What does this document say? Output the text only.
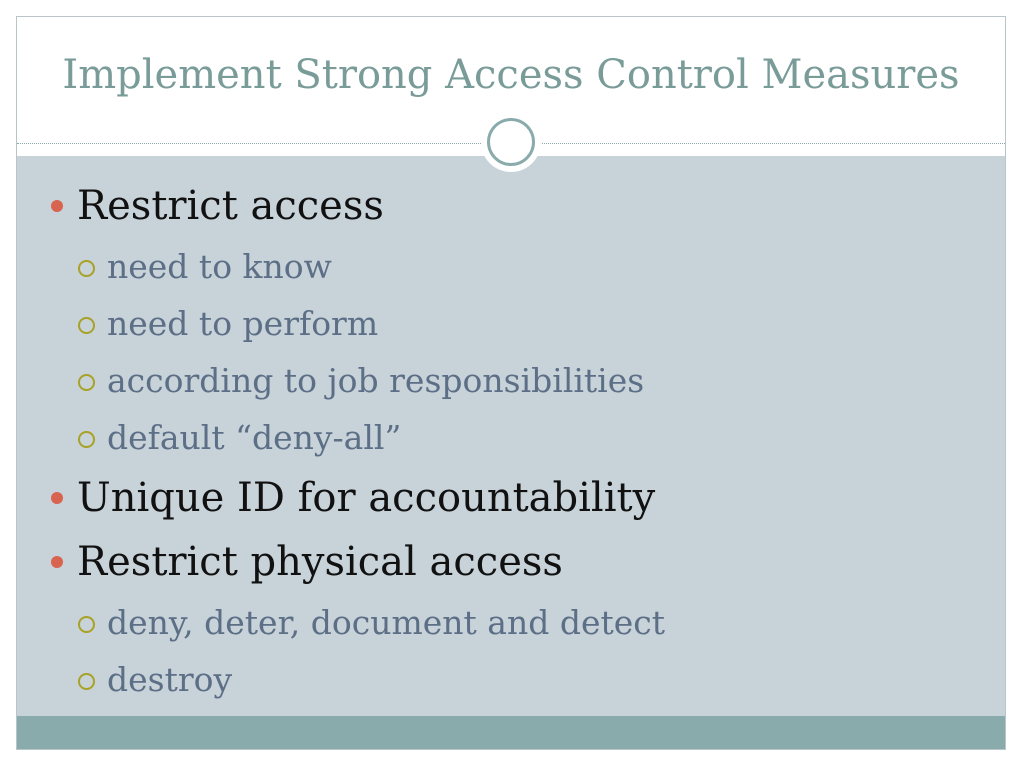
Implement Strong Access Control Measures
Restrict access
need to know
need to perform
according to job responsibilities
default “deny-all”
Unique ID for accountability
Restrict physical access
deny, deter, document and detect
destroy
